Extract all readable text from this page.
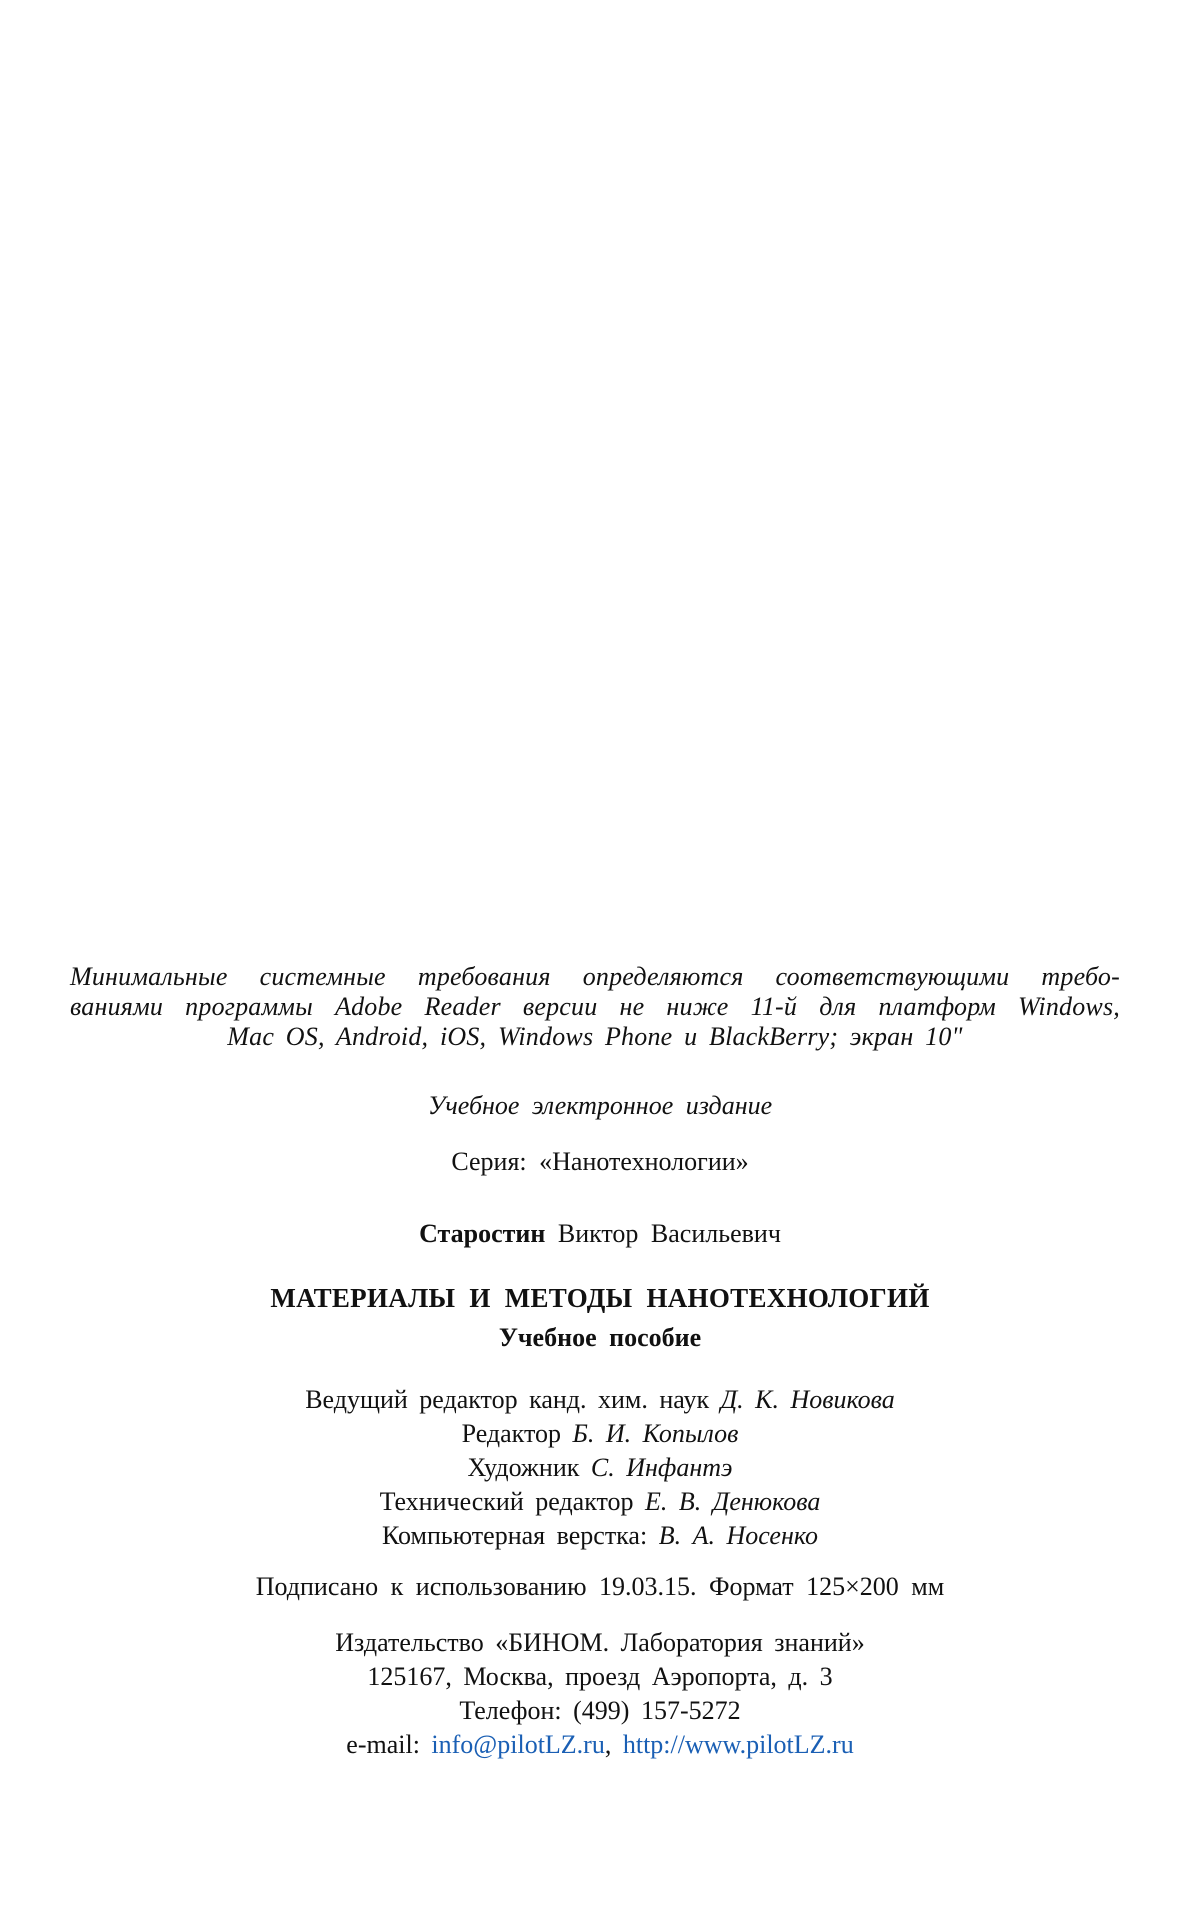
Минимальные системные требования определяются соответствующими требо-
ваниями программы Adobe Reader версии не ниже 11-й для платформ Windows,
Mac OS, Android, iOS, Windows Phone и BlackBerry; экран 10"
Учебное электронное издание
Серия: «Нанотехнологии»
Старостин Виктор Васильевич
МАТЕРИАЛЫ И МЕТОДЫ НАНОТЕХНОЛОГИЙ
Учебное пособие
Ведущий редактор канд. хим. наук Д. К. Новикова
Редактор Б. И. Копылов
Художник С. Инфантэ
Технический редактор Е. В. Денюкова
Компьютерная верстка: В. А. Носенко
Подписано к использованию 19.03.15. Формат 125×200 мм
Издательство «БИНОМ. Лаборатория знаний»
125167, Москва, проезд Аэропорта, д. 3
Телефон: (499) 157-5272
e-mail: info@pilotLZ.ru, http://www.pilotLZ.ru
